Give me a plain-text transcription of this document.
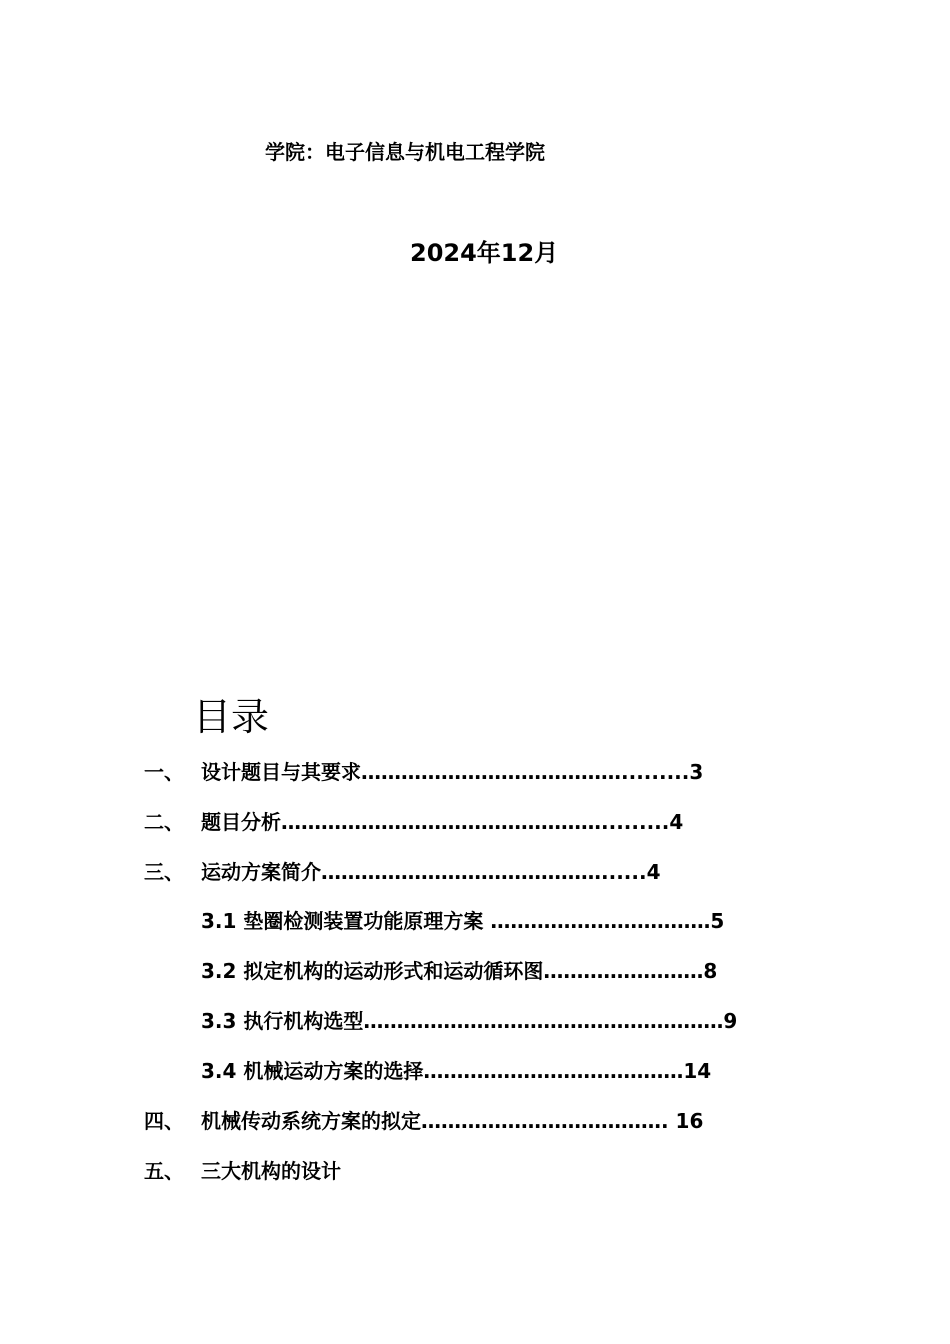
学院：电子信息与机电工程学院
2024年12月
目录
一、 设计题目与其要求………………………………….........3
二、 题目分析………………………………………….........4
三、 运动方案简介……………………………………......4
3.1 垫圈检测装置功能原理方案 ……………………………5
3.2 拟定机构的运动形式和运动循环图……………………8
3.3 执行机构选型………………………………………………9
3.4 机械运动方案的选择…………………………………14
四、 机械传动系统方案的拟定………………………………. 16
五、 三大机构的设计
